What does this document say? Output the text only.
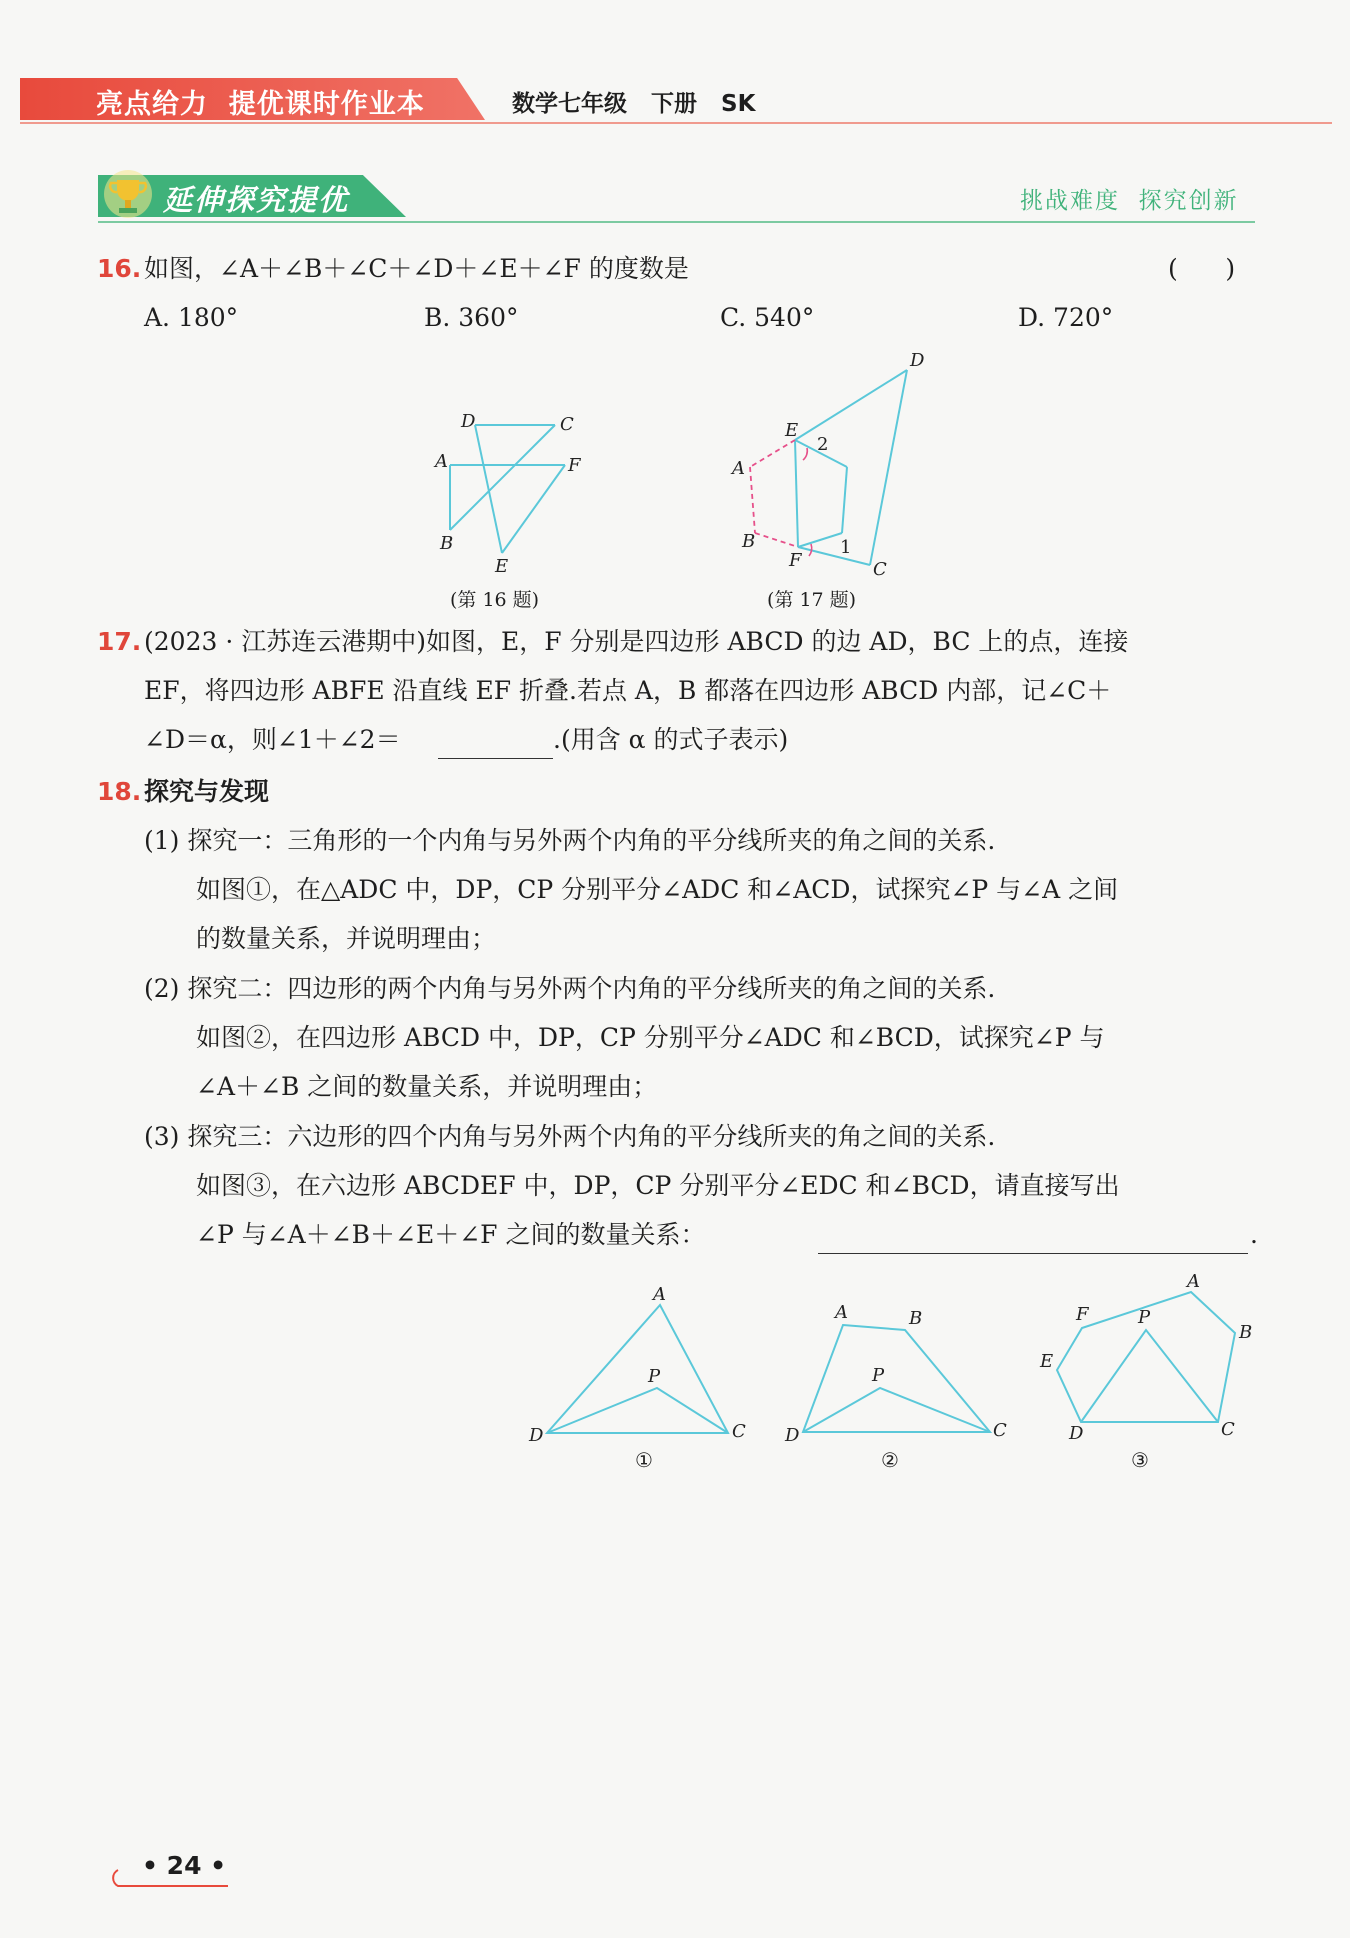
亮点给力  提优课时作业本	数学七年级   下册   SK
延伸探究提优	挑战难度  探究创新
16. 如图，∠A＋∠B＋∠C＋∠D＋∠E＋∠F 的度数是	(      )
A. 180°	B. 360°	C. 540°	D. 720°
D	C
A	F
B
E
(第 16 题)
D
E
2
A
B
F
1
C
(第 17 题)
17. (2023 · 江苏连云港期中)如图，E，F 分别是四边形 ABCD 的边 AD，BC 上的点，连接
EF，将四边形 ABFE 沿直线 EF 折叠.若点 A，B 都落在四边形 ABCD 内部，记∠C＋
∠D＝α，则∠1＋∠2＝	.(用含 α 的式子表示)
18. 探究与发现
(1) 探究一：三角形的一个内角与另外两个内角的平分线所夹的角之间的关系.
如图①，在△ADC 中，DP，CP 分别平分∠ADC 和∠ACD，试探究∠P 与∠A 之间
的数量关系，并说明理由；
(2) 探究二：四边形的两个内角与另外两个内角的平分线所夹的角之间的关系.
如图②，在四边形 ABCD 中，DP，CP 分别平分∠ADC 和∠BCD，试探究∠P 与
∠A＋∠B 之间的数量关系，并说明理由；
(3) 探究三：六边形的四个内角与另外两个内角的平分线所夹的角之间的关系.
如图③，在六边形 ABCDEF 中，DP，CP 分别平分∠EDC 和∠BCD，请直接写出
∠P 与∠A＋∠B＋∠E＋∠F 之间的数量关系：	.
A
P
D	C
①
A	B
P
D	C
②
A
F	P
B
E
D	C
③
• 24 •
